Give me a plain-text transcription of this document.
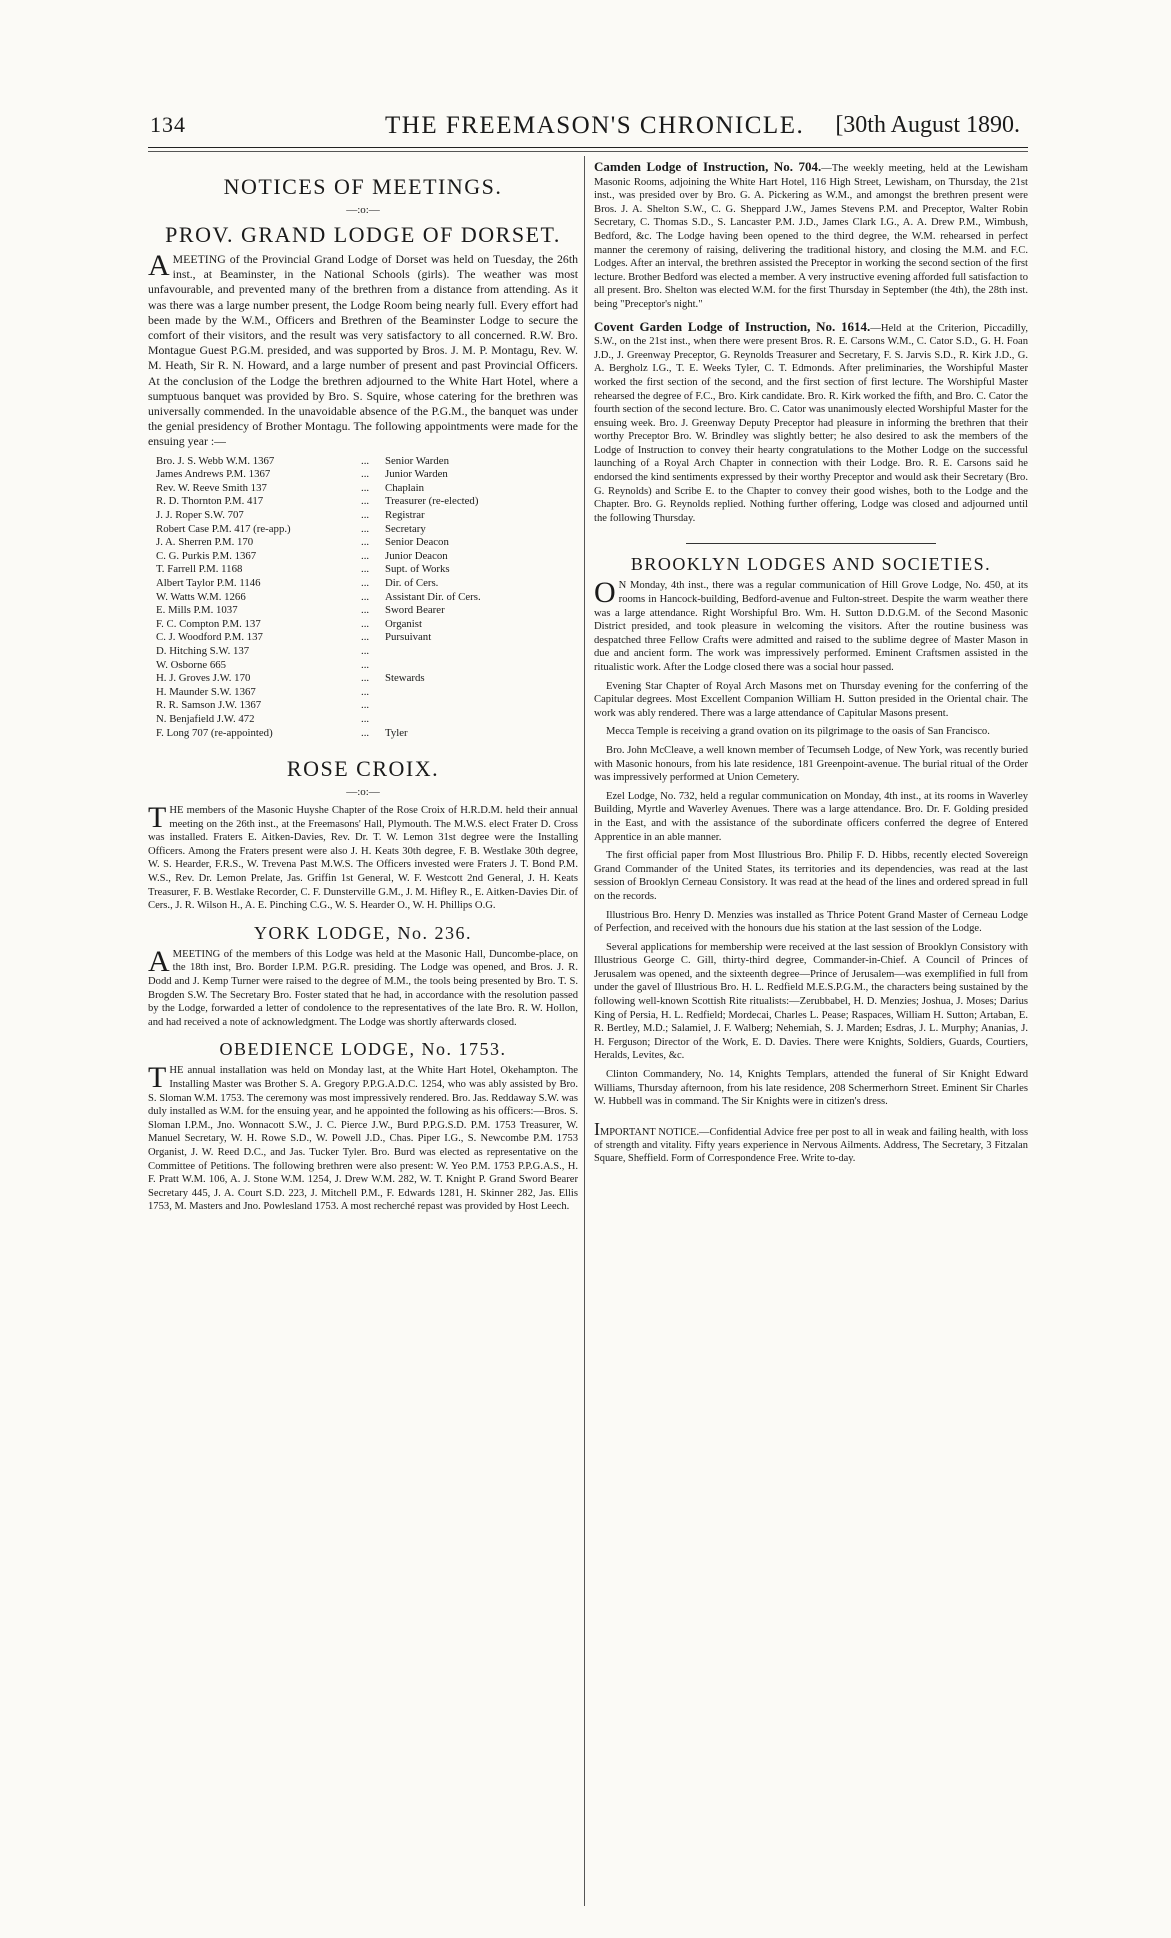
134	THE FREEMASON'S CHRONICLE. [30th August 1890.
NOTICES OF MEETINGS.
—:o:—
PROV. GRAND LODGE OF DORSET.

AMEETING of the Provincial Grand Lodge of Dorset was held on Tuesday, the 26th inst., at Beaminster, in the National Schools (girls). The weather was most unfavourable, and prevented many of the brethren from a distance from attending. As it was there was a large number present, the Lodge Room being nearly full. Every effort had been made by the W.M., Officers and Brethren of the Beaminster Lodge to secure the comfort of their visitors, and the result was very satisfactory to all concerned. R.W. Bro. Montague Guest P.G.M. presided, and was supported by Bros. J. M. P. Montagu, Rev. W. M. Heath, Sir R. N. Howard, and a large number of present and past Provincial Officers. At the conclusion of the Lodge the brethren adjourned to the White Hart Hotel, where a sumptuous banquet was provided by Bro. S. Squire, whose catering for the brethren was universally commended. In the unavoidable absence of the P.G.M., the banquet was under the genial presidency of Brother Montagu. The following appointments were made for the ensuing year :—

Bro. J. S. Webb W.M. 1367	...	Senior Warden
James Andrews P.M. 1367	...	Junior Warden
Rev. W. Reeve Smith 137	...	Chaplain
R. D. Thornton P.M. 417	...	Treasurer (re-elected)
J. J. Roper S.W. 707	...	Registrar
Robert Case P.M. 417 (re-app.)	...	Secretary
J. A. Sherren P.M. 170	...	Senior Deacon
C. G. Purkis P.M. 1367	...	Junior Deacon
T. Farrell P.M. 1168	...	Supt. of Works
Albert Taylor P.M. 1146	...	Dir. of Cers.
W. Watts W.M. 1266	...	Assistant Dir. of Cers.
E. Mills P.M. 1037	...	Sword Bearer
F. C. Compton P.M. 137	...	Organist
C. J. Woodford P.M. 137	...	Pursuivant
D. Hitching S.W. 137	...	
W. Osborne 665	...	
H. J. Groves J.W. 170	...	Stewards
H. Maunder S.W. 1367	...	
R. R. Samson J.W. 1367	...	
N. Benjafield J.W. 472	...	
F. Long 707 (re-appointed)	...	Tyler
ROSE CROIX.
—:o:—

THE members of the Masonic Huyshe Chapter of the Rose Croix of H.R.D.M. held their annual meeting on the 26th inst., at the Freemasons' Hall, Plymouth. The M.W.S. elect Frater D. Cross was installed. Fraters E. Aitken-Davies, Rev. Dr. T. W. Lemon 31st degree were the Installing Officers. Among the Fraters present were also J. H. Keats 30th degree, F. B. Westlake 30th degree, W. S. Hearder, F.R.S., W. Trevena Past M.W.S. The Officers invested were Fraters J. T. Bond P.M. W.S., Rev. Dr. Lemon Prelate, Jas. Griffin 1st General, W. F. Westcott 2nd General, J. H. Keats Treasurer, F. B. Westlake Recorder, C. F. Dunsterville G.M., J. M. Hifley R., E. Aitken-Davies Dir. of Cers., J. R. Wilson H., A. E. Pinching C.G., W. S. Hearder O., W. H. Phillips O.G.

YORK LODGE, No. 236.

AMEETING of the members of this Lodge was held at the Masonic Hall, Duncombe-place, on the 18th inst, Bro. Border I.P.M. P.G.R. presiding. The Lodge was opened, and Bros. J. R. Dodd and J. Kemp Turner were raised to the degree of M.M., the tools being presented by Bro. T. S. Brogden S.W. The Secretary Bro. Foster stated that he had, in accordance with the resolution passed by the Lodge, forwarded a letter of condolence to the representatives of the late Bro. R. W. Hollon, and had received a note of acknowledgment. The Lodge was shortly afterwards closed.

OBEDIENCE LODGE, No. 1753.

THE annual installation was held on Monday last, at the White Hart Hotel, Okehampton. The Installing Master was Brother S. A. Gregory P.P.G.A.D.C. 1254, who was ably assisted by Bro. S. Sloman W.M. 1753. The ceremony was most impressively rendered. Bro. Jas. Reddaway S.W. was duly installed as W.M. for the ensuing year, and he appointed the following as his officers:—Bros. S. Sloman I.P.M., Jno. Wonnacott S.W., J. C. Pierce J.W., Burd P.P.G.S.D. P.M. 1753 Treasurer, W. Manuel Secretary, W. H. Rowe S.D., W. Powell J.D., Chas. Piper I.G., S. Newcombe P.M. 1753 Organist, J. W. Reed D.C., and Jas. Tucker Tyler. Bro. Burd was elected as representative on the Committee of Petitions. The following brethren were also present: W. Yeo P.M. 1753 P.P.G.A.S., H. F. Pratt W.M. 106, A. J. Stone W.M. 1254, J. Drew W.M. 282, W. T. Knight P. Grand Sword Bearer Secretary 445, J. A. Court S.D. 223, J. Mitchell P.M., F. Edwards 1281, H. Skinner 282, Jas. Ellis 1753, M. Masters and Jno. Powlesland 1753. A most recherché repast was provided by Host Leech.

Camden Lodge of Instruction, No. 704.—The weekly meeting, held at the Lewisham Masonic Rooms, adjoining the White Hart Hotel, 116 High Street, Lewisham, on Thursday, the 21st inst., was presided over by Bro. G. A. Pickering as W.M., and amongst the brethren present were Bros. J. A. Shelton S.W., C. G. Sheppard J.W., James Stevens P.M. and Preceptor, Walter Robin Secretary, C. Thomas S.D., S. Lancaster P.M. J.D., James Clark I.G., A. A. Drew P.M., Wimbush, Bedford, &c. The Lodge having been opened to the third degree, the W.M. rehearsed in perfect manner the ceremony of raising, delivering the traditional history, and closing the M.M. and F.C. Lodges. After an interval, the brethren assisted the Preceptor in working the second section of the first lecture. Brother Bedford was elected a member. A very instructive evening afforded full satisfaction to all present. Bro. Shelton was elected W.M. for the first Thursday in September (the 4th), the 28th inst. being "Preceptor's night."

Covent Garden Lodge of Instruction, No. 1614.—Held at the Criterion, Piccadilly, S.W., on the 21st inst., when there were present Bros. R. E. Carsons W.M., C. Cator S.D., G. H. Foan J.D., J. Greenway Preceptor, G. Reynolds Treasurer and Secretary, F. S. Jarvis S.D., R. Kirk J.D., G. A. Bergholz I.G., T. E. Weeks Tyler, C. T. Edmonds. After preliminaries, the Worshipful Master worked the first section of the second, and the first section of first lecture. The Worshipful Master rehearsed the degree of F.C., Bro. Kirk candidate. Bro. R. Kirk worked the fifth, and Bro. C. Cator the fourth section of the second lecture. Bro. C. Cator was unanimously elected Worshipful Master for the ensuing week. Bro. J. Greenway Deputy Preceptor had pleasure in informing the brethren that their worthy Preceptor Bro. W. Brindley was slightly better; he also desired to ask the members of the Lodge of Instruction to convey their hearty congratulations to the Mother Lodge on the successful launching of a Royal Arch Chapter in connection with their Lodge. Bro. R. E. Carsons said he endorsed the kind sentiments expressed by their worthy Preceptor and would ask their Secretary (Bro. G. Reynolds) and Scribe E. to the Chapter to convey their good wishes, both to the Lodge and the Chapter. Bro. G. Reynolds replied. Nothing further offering, Lodge was closed and adjourned until the following Thursday.

BROOKLYN LODGES AND SOCIETIES.

O N Monday, 4th inst., there was a regular communication of Hill Grove Lodge, No. 450, at its rooms in Hancock-building, Bedford-avenue and Fulton-street. Despite the warm weather there was a large attendance. Right Worshipful Bro. Wm. H. Sutton D.D.G.M. of the Second Masonic District presided, and took pleasure in welcoming the visitors. After the routine business was despatched three Fellow Crafts were admitted and raised to the sublime degree of Master Mason in due and ancient form. The work was impressively performed. Eminent Craftsmen assisted in the ritualistic work. After the Lodge closed there was a social hour passed.

Evening Star Chapter of Royal Arch Masons met on Thursday evening for the conferring of the Capitular degrees. Most Excellent Companion William H. Sutton presided in the Oriental chair. The work was ably rendered. There was a large attendance of Capitular Masons present.

Mecca Temple is receiving a grand ovation on its pilgrimage to the oasis of San Francisco.

Bro. John McCleave, a well known member of Tecumseh Lodge, of New York, was recently buried with Masonic honours, from his late residence, 181 Greenpoint-avenue. The burial ritual of the Order was impressively performed at Union Cemetery.

Ezel Lodge, No. 732, held a regular communication on Monday, 4th inst., at its rooms in Waverley Building, Myrtle and Waverley Avenues. There was a large attendance. Bro. Dr. F. Golding presided in the East, and with the assistance of the subordinate officers conferred the degree of Entered Apprentice in an able manner.

The first official paper from Most Illustrious Bro. Philip F. D. Hibbs, recently elected Sovereign Grand Commander of the United States, its territories and its dependencies, was read at the last session of Brooklyn Cerneau Consistory. It was read at the head of the lines and ordered spread in full on the records.

Illustrious Bro. Henry D. Menzies was installed as Thrice Potent Grand Master of Cerneau Lodge of Perfection, and received with the honours due his station at the last session of the Lodge.

Several applications for membership were received at the last session of Brooklyn Consistory with Illustrious George C. Gill, thirty-third degree, Commander-in-Chief. A Council of Princes of Jerusalem was opened, and the sixteenth degree—Prince of Jerusalem—was exemplified in full from under the gavel of Illustrious Bro. H. L. Redfield M.E.S.P.G.M., the characters being sustained by the following well-known Scottish Rite ritualists:—Zerubbabel, H. D. Menzies; Joshua, J. Moses; Darius King of Persia, H. L. Redfield; Mordecai, Charles L. Pease; Raspaces, William H. Sutton; Artaban, E. R. Bertley, M.D.; Salamiel, J. F. Walberg; Nehemiah, S. J. Marden; Esdras, J. L. Murphy; Ananias, J. H. Ferguson; Director of the Work, E. D. Davies. There were Knights, Soldiers, Guards, Courtiers, Heralds, Levites, &c.

Clinton Commandery, No. 14, Knights Templars, attended the funeral of Sir Knight Edward Williams, Thursday afternoon, from his late residence, 208 Schermerhorn Street. Eminent Sir Charles W. Hubbell was in command. The Sir Knights were in citizen's dress.

IMPORTANT NOTICE.—Confidential Advice free per post to all in weak and failing health, with loss of strength and vitality. Fifty years experience in Nervous Ailments. Address, The Secretary, 3 Fitzalan Square, Sheffield. Form of Correspondence Free. Write to-day.
